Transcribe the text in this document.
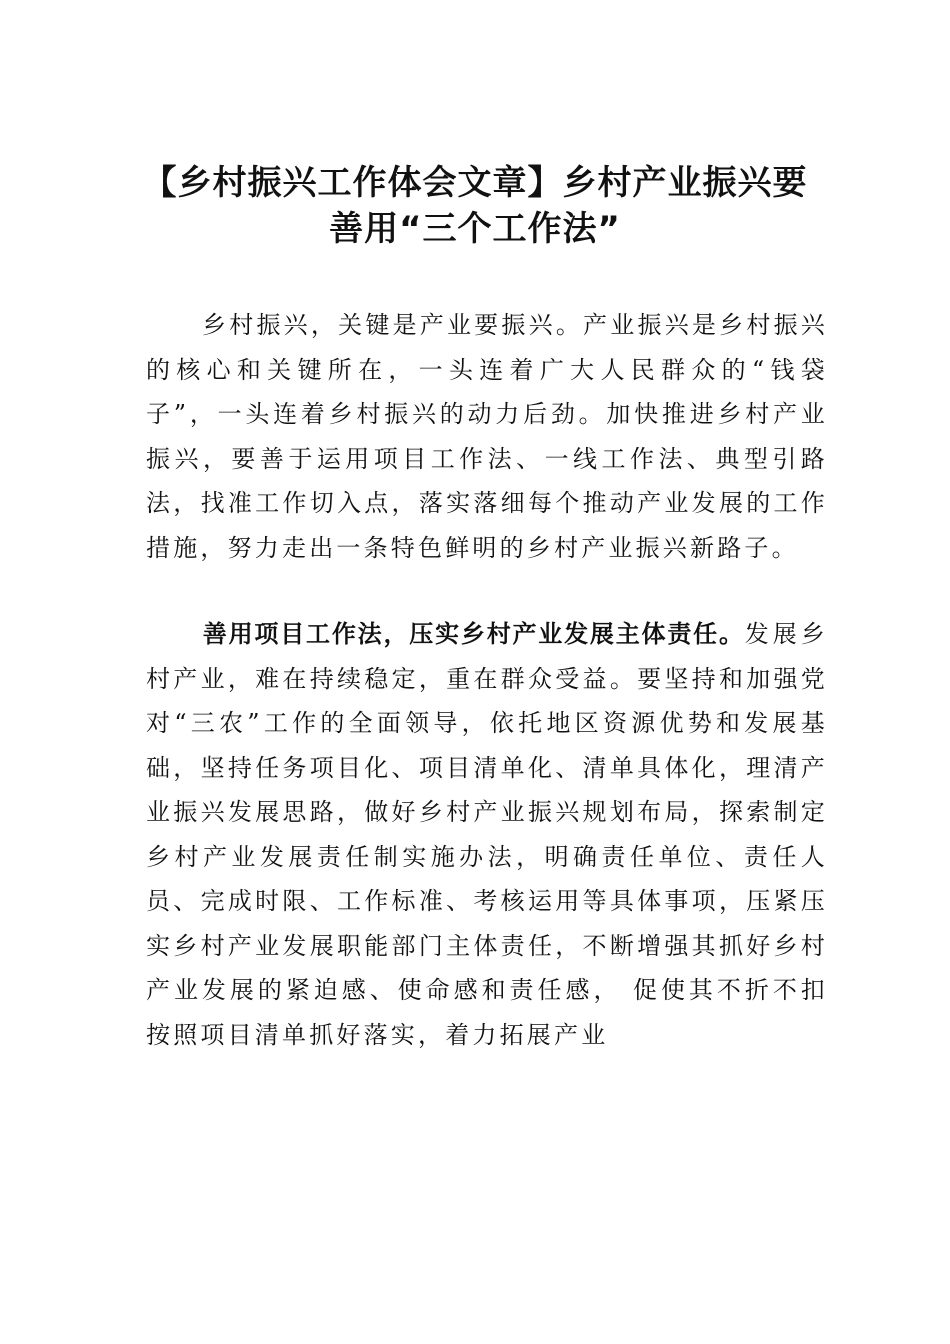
【乡村振兴工作体会文章】乡村产业振兴要
善用“三个工作法”

乡村振兴，关键是产业要振兴。产业振兴是乡村振兴的核心和关键所在，一头连着广大人民群众的“钱袋子”，一头连着乡村振兴的动力后劲。加快推进乡村产业振兴，要善于运用项目工作法、一线工作法、典型引路法，找准工作切入点，落实落细每个推动产业发展的工作措施，努力走出一条特色鲜明的乡村产业振兴新路子。

善用项目工作法，压实乡村产业发展主体责任。发展乡村产业，难在持续稳定，重在群众受益。要坚持和加强党对“三农”工作的全面领导，依托地区资源优势和发展基础，坚持任务项目化、项目清单化、清单具体化，理清产业振兴发展思路，做好乡村产业振兴规划布局，探索制定乡村产业发展责任制实施办法，明确责任单位、责任人员、完成时限、工作标准、考核运用等具体事项，压紧压实乡村产业发展职能部门主体责任，不断增强其抓好乡村产业发展的紧迫感、使命感和责任感， 促使其不折不扣按照项目清单抓好落实，着力拓展产业
